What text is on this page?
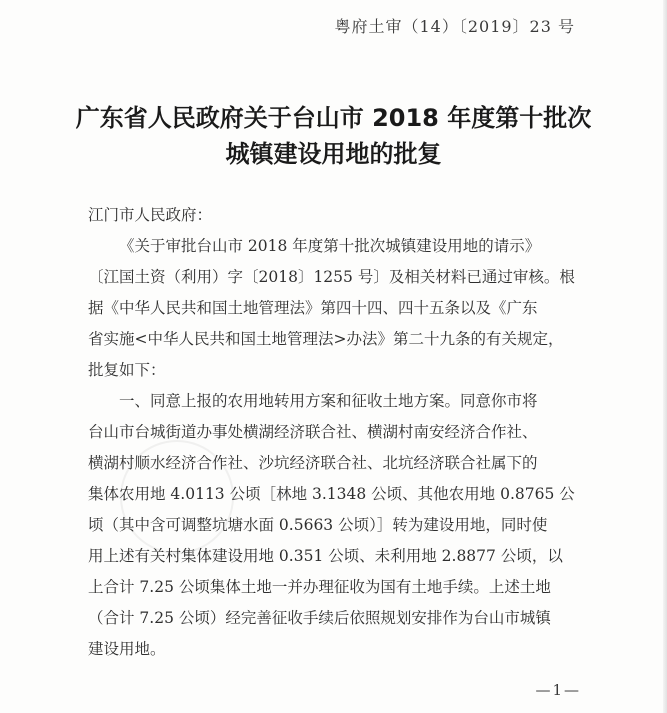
粤府土审（14）〔2019〕23 号
广东省人民政府关于台山市 2018 年度第十批次
城镇建设用地的批复
江门市人民政府：
《关于审批台山市 2018 年度第十批次城镇建设用地的请示》
〔江国土资（利用）字〔2018〕1255 号〕及相关材料已通过审核。根
据《中华人民共和国土地管理法》第四十四、四十五条以及《广东
省实施<中华人民共和国土地管理法>办法》第二十九条的有关规定，
批复如下：
一、同意上报的农用地转用方案和征收土地方案。同意你市将
台山市台城街道办事处横湖经济联合社、横湖村南安经济合作社、
横湖村顺水经济合作社、沙坑经济联合社、北坑经济联合社属下的
集体农用地 4.0113 公顷［林地 3.1348 公顷、其他农用地 0.8765 公
顷（其中含可调整坑塘水面 0.5663 公顷）］转为建设用地，同时使
用上述有关村集体建设用地 0.351 公顷、未利用地 2.8877 公顷，以
上合计 7.25 公顷集体土地一并办理征收为国有土地手续。上述土地
（合计 7.25 公顷）经完善征收手续后依照规划安排作为台山市城镇
建设用地。
—1—
